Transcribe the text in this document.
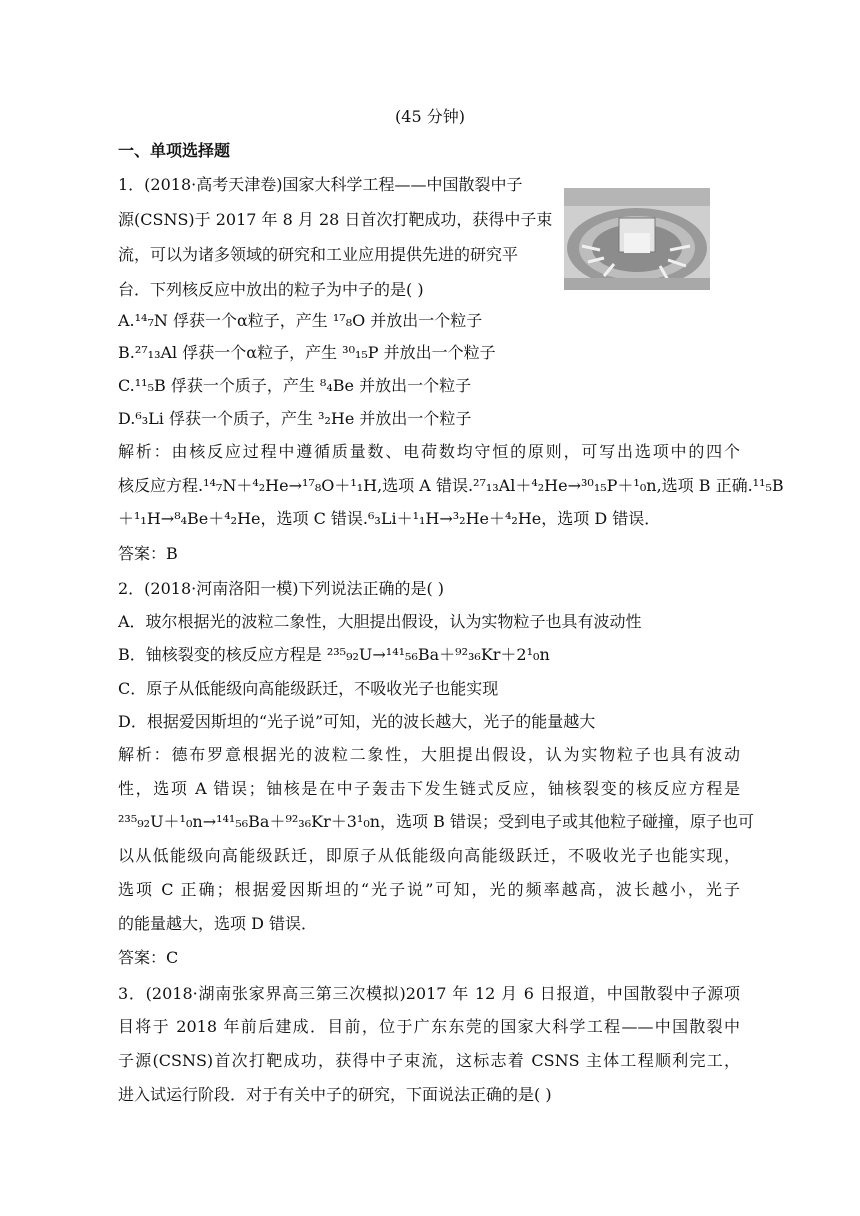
(45 分钟)
一、单项选择题
1．(2018·高考天津卷)国家大科学工程——中国散裂中子
源(CSNS)于 2017 年 8 月 28 日首次打靶成功，获得中子束
流，可以为诸多领域的研究和工业应用提供先进的研究平
台．下列核反应中放出的粒子为中子的是( )
A.¹⁴₇N 俘获一个α粒子，产生 ¹⁷₈O 并放出一个粒子
B.²⁷₁₃Al 俘获一个α粒子，产生 ³⁰₁₅P 并放出一个粒子
C.¹¹₅B 俘获一个质子，产生 ⁸₄Be 并放出一个粒子
D.⁶₃Li 俘获一个质子，产生 ³₂He 并放出一个粒子
解析：由核反应过程中遵循质量数、电荷数均守恒的原则，可写出选项中的四个
核反应方程.¹⁴₇N＋⁴₂He→¹⁷₈O＋¹₁H,选项 A 错误.²⁷₁₃Al＋⁴₂He→³⁰₁₅P＋¹₀n,选项 B 正确.¹¹₅B
＋¹₁H→⁸₄Be＋⁴₂He，选项 C 错误.⁶₃Li＋¹₁H→³₂He＋⁴₂He，选项 D 错误．
答案：B
2．(2018·河南洛阳一模)下列说法正确的是( )
A．玻尔根据光的波粒二象性，大胆提出假设，认为实物粒子也具有波动性
B．铀核裂变的核反应方程是 ²³⁵₉₂U→¹⁴¹₅₆Ba＋⁹²₃₆Kr＋2¹₀n
C．原子从低能级向高能级跃迁，不吸收光子也能实现
D．根据爱因斯坦的“光子说”可知，光的波长越大，光子的能量越大
解析：德布罗意根据光的波粒二象性，大胆提出假设，认为实物粒子也具有波动
性，选项 A 错误；铀核是在中子轰击下发生链式反应，铀核裂变的核反应方程是
²³⁵₉₂U＋¹₀n→¹⁴¹₅₆Ba＋⁹²₃₆Kr＋3¹₀n，选项 B 错误；受到电子或其他粒子碰撞，原子也可
以从低能级向高能级跃迁，即原子从低能级向高能级跃迁，不吸收光子也能实现，
选项 C 正确；根据爱因斯坦的“光子说”可知，光的频率越高，波长越小，光子
的能量越大，选项 D 错误．
答案：C
3．(2018·湖南张家界高三第三次模拟)2017 年 12 月 6 日报道，中国散裂中子源项
目将于 2018 年前后建成．目前，位于广东东莞的国家大科学工程——中国散裂中
子源(CSNS)首次打靶成功，获得中子束流，这标志着 CSNS 主体工程顺利完工，
进入试运行阶段．对于有关中子的研究，下面说法正确的是( )
